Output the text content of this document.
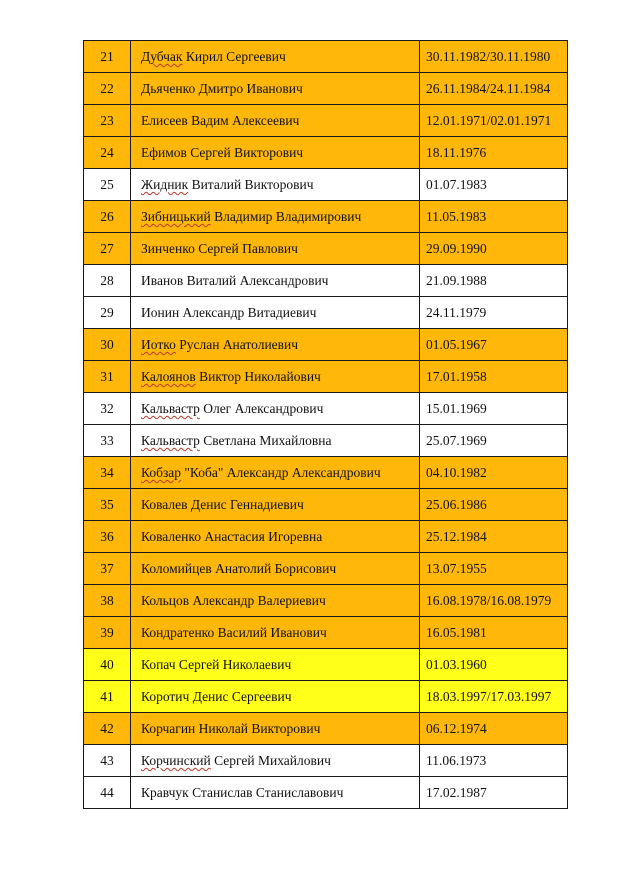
21	Дубчак Кирил Сергеевич	30.11.1982/30.11.1980
22	Дьяченко Дмитро Иванович	26.11.1984/24.11.1984
23	Елисеев Вадим Алексеевич	12.01.1971/02.01.1971
24	Ефимов Сергей Викторович	18.11.1976
25	Жидник Виталий Викторович	01.07.1983
26	Зибницький Владимир Владимирович	11.05.1983
27	Зинченко Сергей Павлович	29.09.1990
28	Иванов Виталий Александрович	21.09.1988
29	Ионин Александр Витадиевич	24.11.1979
30	Иотко Руслан Анатолиевич	01.05.1967
31	Калоянов Виктор Николайович	17.01.1958
32	Кальвастр Олег Александрович	15.01.1969
33	Кальвастр Светлана Михайловна	25.07.1969
34	Кобзар "Коба" Александр Александрович	04.10.1982
35	Ковалев Денис Геннадиевич	25.06.1986
36	Коваленко Анастасия Игоревна	25.12.1984
37	Коломийцев Анатолий Борисович	13.07.1955
38	Кольцов Александр Валериевич	16.08.1978/16.08.1979
39	Кондратенко Василий Иванович	16.05.1981
40	Копач Сергей Николаевич	01.03.1960
41	Коротич Денис Сергеевич	18.03.1997/17.03.1997
42	Корчагин Николай Викторович	06.12.1974
43	Корчинский Сергей Михайлович	11.06.1973
44	Кравчук Станислав Станиславович	17.02.1987
